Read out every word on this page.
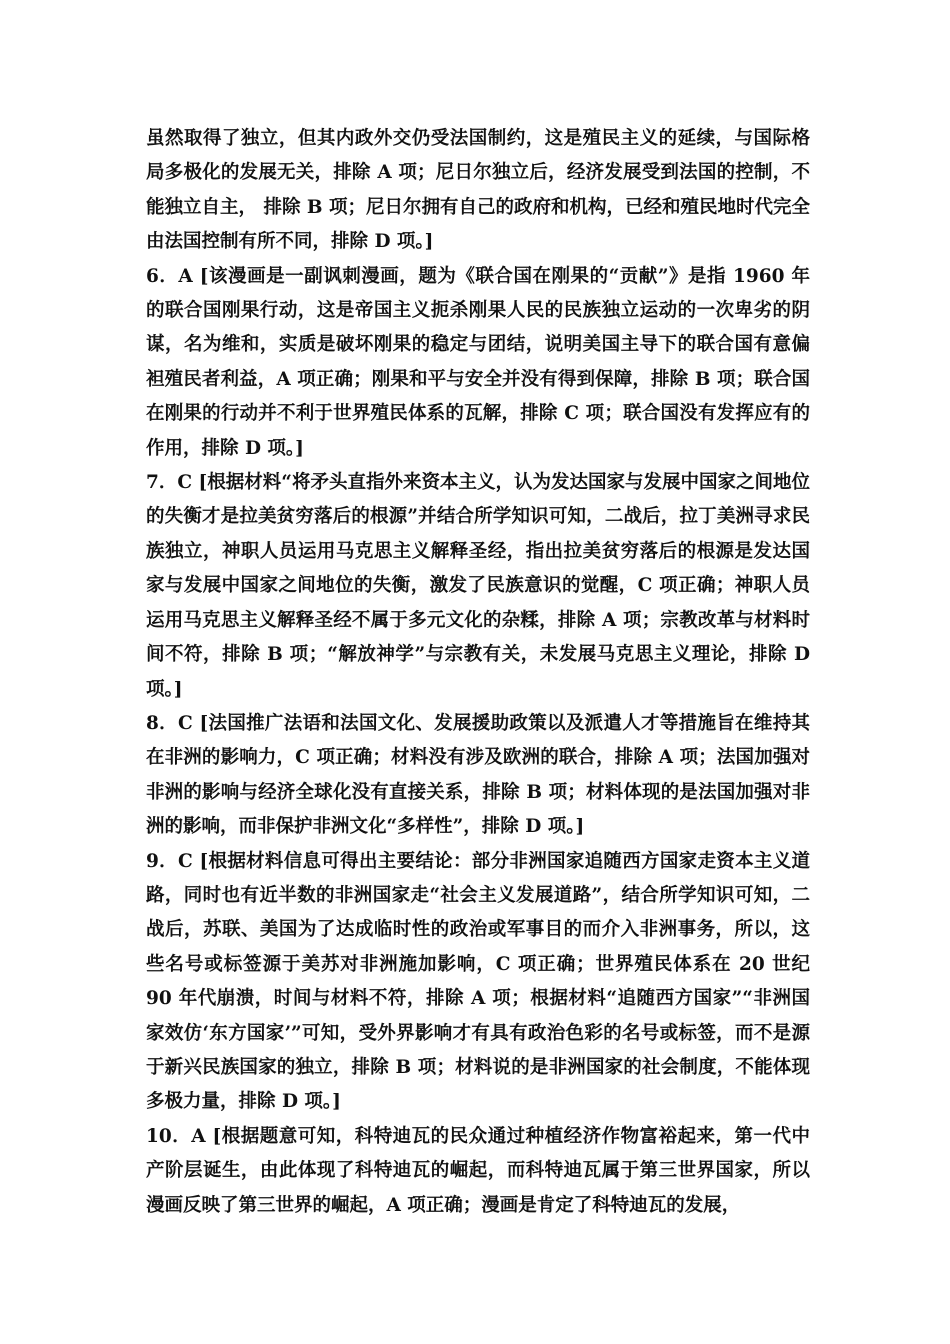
虽然取得了独立，但其内政外交仍受法国制约，这是殖民主义的延续，与国际格局多极化的发展无关，排除 A 项；尼日尔独立后，经济发展受到法国的控制，不能独立自主， 排除 B 项；尼日尔拥有自己的政府和机构，已经和殖民地时代完全由法国控制有所不同，排除 D 项。]

6．A [该漫画是一副讽刺漫画，题为《联合国在刚果的“贡献”》是指 1960 年的联合国刚果行动，这是帝国主义扼杀刚果人民的民族独立运动的一次卑劣的阴谋，名为维和，实质是破坏刚果的稳定与团结，说明美国主导下的联合国有意偏袒殖民者利益，A 项正确；刚果和平与安全并没有得到保障，排除 B 项；联合国在刚果的行动并不利于世界殖民体系的瓦解，排除 C 项；联合国没有发挥应有的作用，排除 D 项。]

7．C [根据材料“将矛头直指外来资本主义，认为发达国家与发展中国家之间地位的失衡才是拉美贫穷落后的根源”并结合所学知识可知，二战后，拉丁美洲寻求民族独立，神职人员运用马克思主义解释圣经，指出拉美贫穷落后的根源是发达国家与发展中国家之间地位的失衡，激发了民族意识的觉醒，C 项正确；神职人员运用马克思主义解释圣经不属于多元文化的杂糅，排除 A 项；宗教改革与材料时间不符，排除 B 项；“解放神学”与宗教有关，未发展马克思主义理论，排除 D 项。]

8．C [法国推广法语和法国文化、发展援助政策以及派遣人才等措施旨在维持其在非洲的影响力，C 项正确；材料没有涉及欧洲的联合，排除 A 项；法国加强对非洲的影响与经济全球化没有直接关系，排除 B 项；材料体现的是法国加强对非洲的影响，而非保护非洲文化“多样性”，排除 D 项。]

9．C [根据材料信息可得出主要结论：部分非洲国家追随西方国家走资本主义道路，同时也有近半数的非洲国家走“社会主义发展道路”，结合所学知识可知，二战后，苏联、美国为了达成临时性的政治或军事目的而介入非洲事务，所以，这些名号或标签源于美苏对非洲施加影响，C 项正确；世界殖民体系在 20 世纪 90 年代崩溃，时间与材料不符，排除 A 项；根据材料“追随西方国家”“非洲国家效仿‘东方国家’”可知，受外界影响才有具有政治色彩的名号或标签，而不是源于新兴民族国家的独立，排除 B 项；材料说的是非洲国家的社会制度，不能体现多极力量，排除 D 项。]

10．A [根据题意可知，科特迪瓦的民众通过种植经济作物富裕起来，第一代中产阶层诞生，由此体现了科特迪瓦的崛起，而科特迪瓦属于第三世界国家，所以漫画反映了第三世界的崛起，A 项正确；漫画是肯定了科特迪瓦的发展，
